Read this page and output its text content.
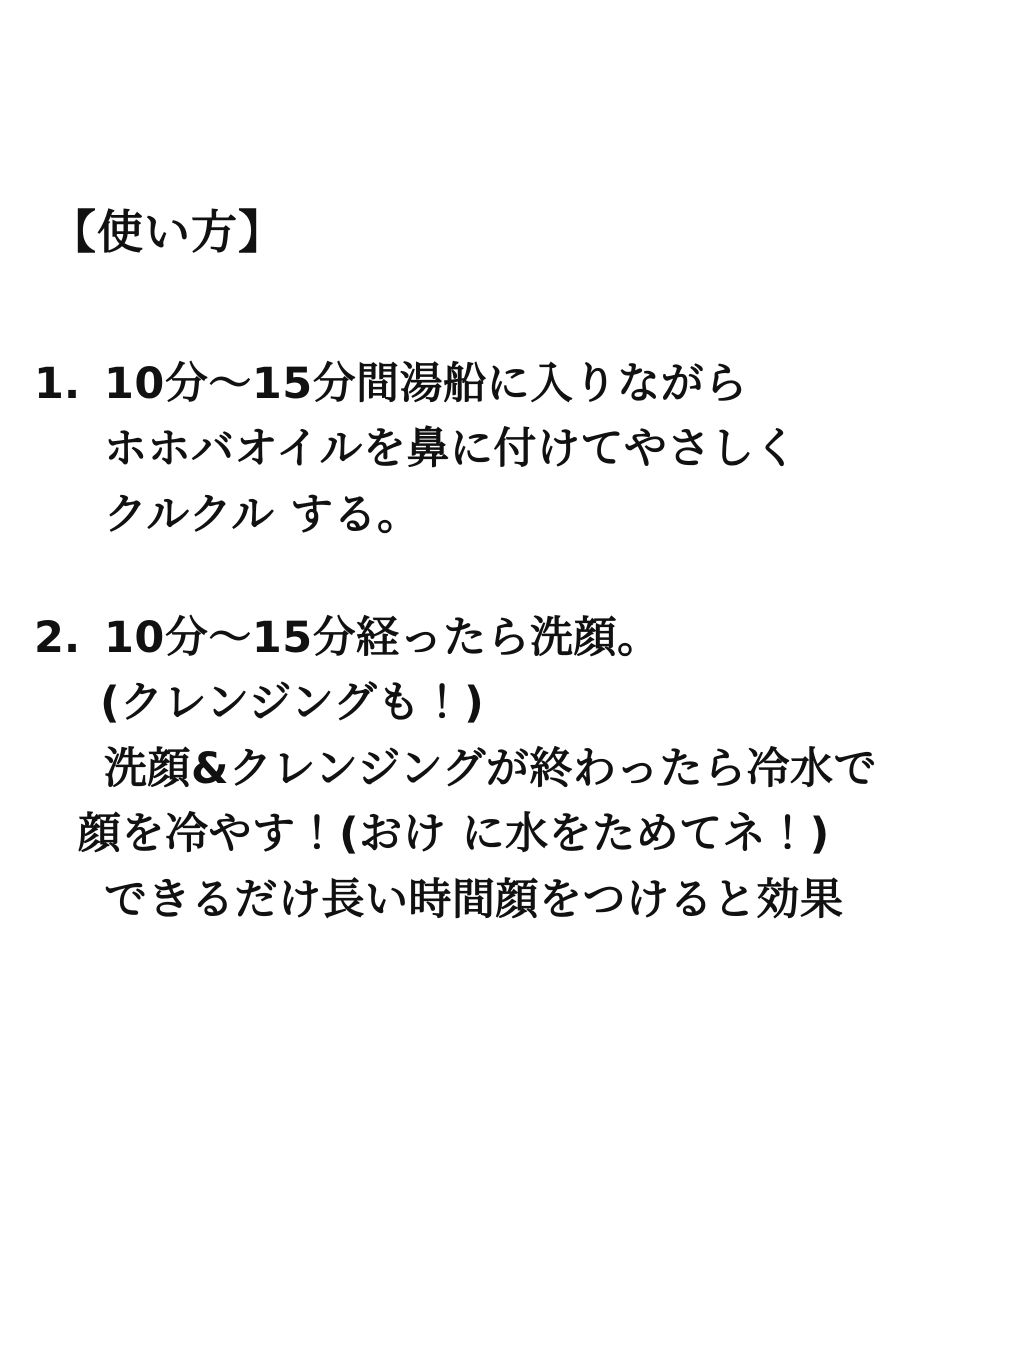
【使い方】
1. 10分〜15分間湯船に入りながら
ホホバオイルを鼻に付けてやさしく
クルクル する。
2. 10分〜15分経ったら洗顔。
(クレンジングも！)
洗顔&クレンジングが終わったら冷水で
顔を冷やす！(おけ に水をためてネ！)
できるだけ長い時間顔をつけると効果
